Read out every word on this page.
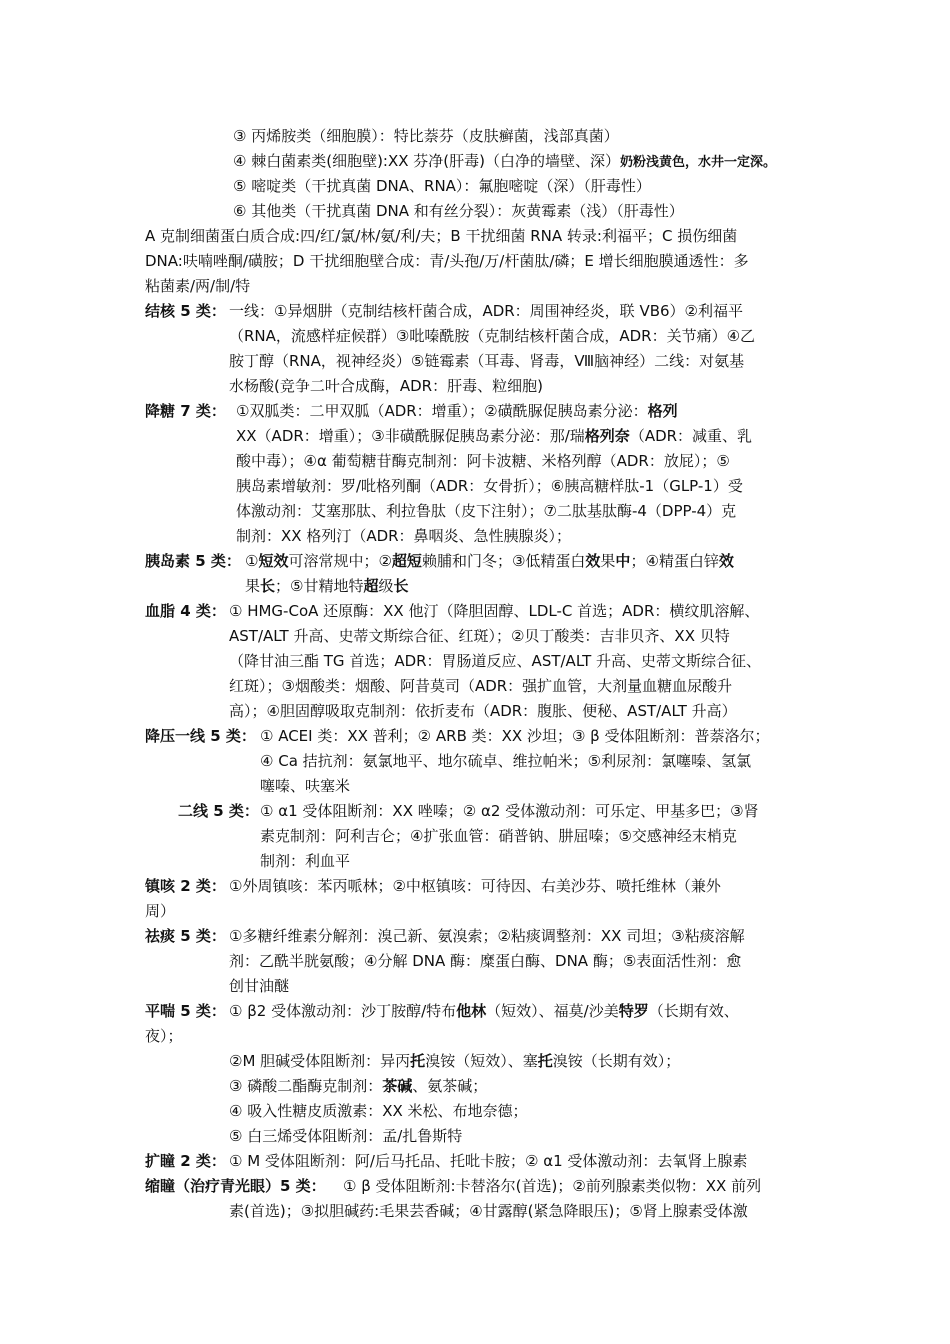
③ 丙烯胺类（细胞膜）：特比萘芬（皮肤癣菌，浅部真菌）
④ 棘白菌素类(细胞壁):XX 芬净(肝毒)（白净的墙壁、深）奶粉浅黄色，水井一定深。
⑤ 嘧啶类（干扰真菌 DNA、RNA）：氟胞嘧啶（深）（肝毒性）
⑥ 其他类（干扰真菌 DNA 和有丝分裂）：灰黄霉素（浅）（肝毒性）
A 克制细菌蛋白质合成:四/红/氯/林/氨/利/夫；B 干扰细菌 RNA 转录:利福平；C 损伤细菌
DNA:呋喃唑酮/磺胺；D 干扰细胞壁合成：青/头孢/万/杆菌肽/磷；E 增长细胞膜通透性：多
粘菌素/两/制/特
结核 5 类： 一线：①异烟肼（克制结核杆菌合成，ADR：周围神经炎，联 VB6）②利福平
（RNA，流感样症候群）③吡嗪酰胺（克制结核杆菌合成，ADR：关节痛）④乙
胺丁醇（RNA，视神经炎）⑤链霉素（耳毒、肾毒，Ⅷ脑神经）二线：对氨基
水杨酸(竞争二叶合成酶，ADR：肝毒、粒细胞)
降糖 7 类： ①双胍类：二甲双胍（ADR：增重）；②磺酰脲促胰岛素分泌：格列
XX（ADR：增重）；③非磺酰脲促胰岛素分泌：那/瑞格列奈（ADR：减重、乳
酸中毒）；④α 葡萄糖苷酶克制剂：阿卡波糖、米格列醇（ADR：放屁）；⑤
胰岛素增敏剂：罗/吡格列酮（ADR：女骨折）；⑥胰高糖样肽-1（GLP-1）受
体激动剂：艾塞那肽、利拉鲁肽（皮下注射）；⑦二肽基肽酶-4（DPP-4）克
制剂：XX 格列汀（ADR：鼻咽炎、急性胰腺炎）；
胰岛素 5 类： ①短效可溶常规中；②超短赖脯和门冬；③低精蛋白效果中；④精蛋白锌效
果长；⑤甘精地特超级长
血脂 4 类： ① HMG-CoA 还原酶：XX 他汀（降胆固醇、LDL-C 首选；ADR：横纹肌溶解、
AST/ALT 升高、史蒂文斯综合征、红斑）；②贝丁酸类：吉非贝齐、XX 贝特
（降甘油三酯 TG 首选；ADR：胃肠道反应、AST/ALT 升高、史蒂文斯综合征、
红斑）；③烟酸类：烟酸、阿昔莫司（ADR：强扩血管，大剂量血糖血尿酸升
高）；④胆固醇吸取克制剂：依折麦布（ADR：腹胀、便秘、AST/ALT 升高）
降压一线 5 类： ① ACEI 类：XX 普利；② ARB 类：XX 沙坦；③ β 受体阻断剂：普萘洛尔；
④ Ca 拮抗剂：氨氯地平、地尔硫卓、维拉帕米；⑤利尿剂：氯噻嗪、氢氯
噻嗪、呋塞米
二线 5 类： ① α1 受体阻断剂：XX 唑嗪；② α2 受体激动剂：可乐定、甲基多巴；③肾
素克制剂：阿利吉仑；④扩张血管：硝普钠、肼屈嗪；⑤交感神经末梢克
制剂：利血平
镇咳 2 类： ①外周镇咳：苯丙哌林；②中枢镇咳：可待因、右美沙芬、喷托维林（兼外
周）
祛痰 5 类： ①多糖纤维素分解剂：溴己新、氨溴索；②粘痰调整剂：XX 司坦；③粘痰溶解
剂：乙酰半胱氨酸；④分解 DNA 酶：糜蛋白酶、DNA 酶；⑤表面活性剂：愈
创甘油醚
平喘 5 类： ① β2 受体激动剂：沙丁胺醇/特布他林（短效）、福莫/沙美特罗（长期有效、
夜）；
②M 胆碱受体阻断剂：异丙托溴铵（短效）、塞托溴铵（长期有效）；
③ 磷酸二酯酶克制剂：茶碱、氨茶碱；
④ 吸入性糖皮质激素：XX 米松、布地奈德；
⑤ 白三烯受体阻断剂：孟/扎鲁斯特
扩瞳 2 类： ① M 受体阻断剂：阿/后马托品、托吡卡胺；② α1 受体激动剂：去氧肾上腺素
缩瞳（治疗青光眼）5 类： ① β 受体阻断剂:卡替洛尔(首选)；②前列腺素类似物：XX 前列
素(首选)；③拟胆碱药:毛果芸香碱；④甘露醇(紧急降眼压)；⑤肾上腺素受体激
